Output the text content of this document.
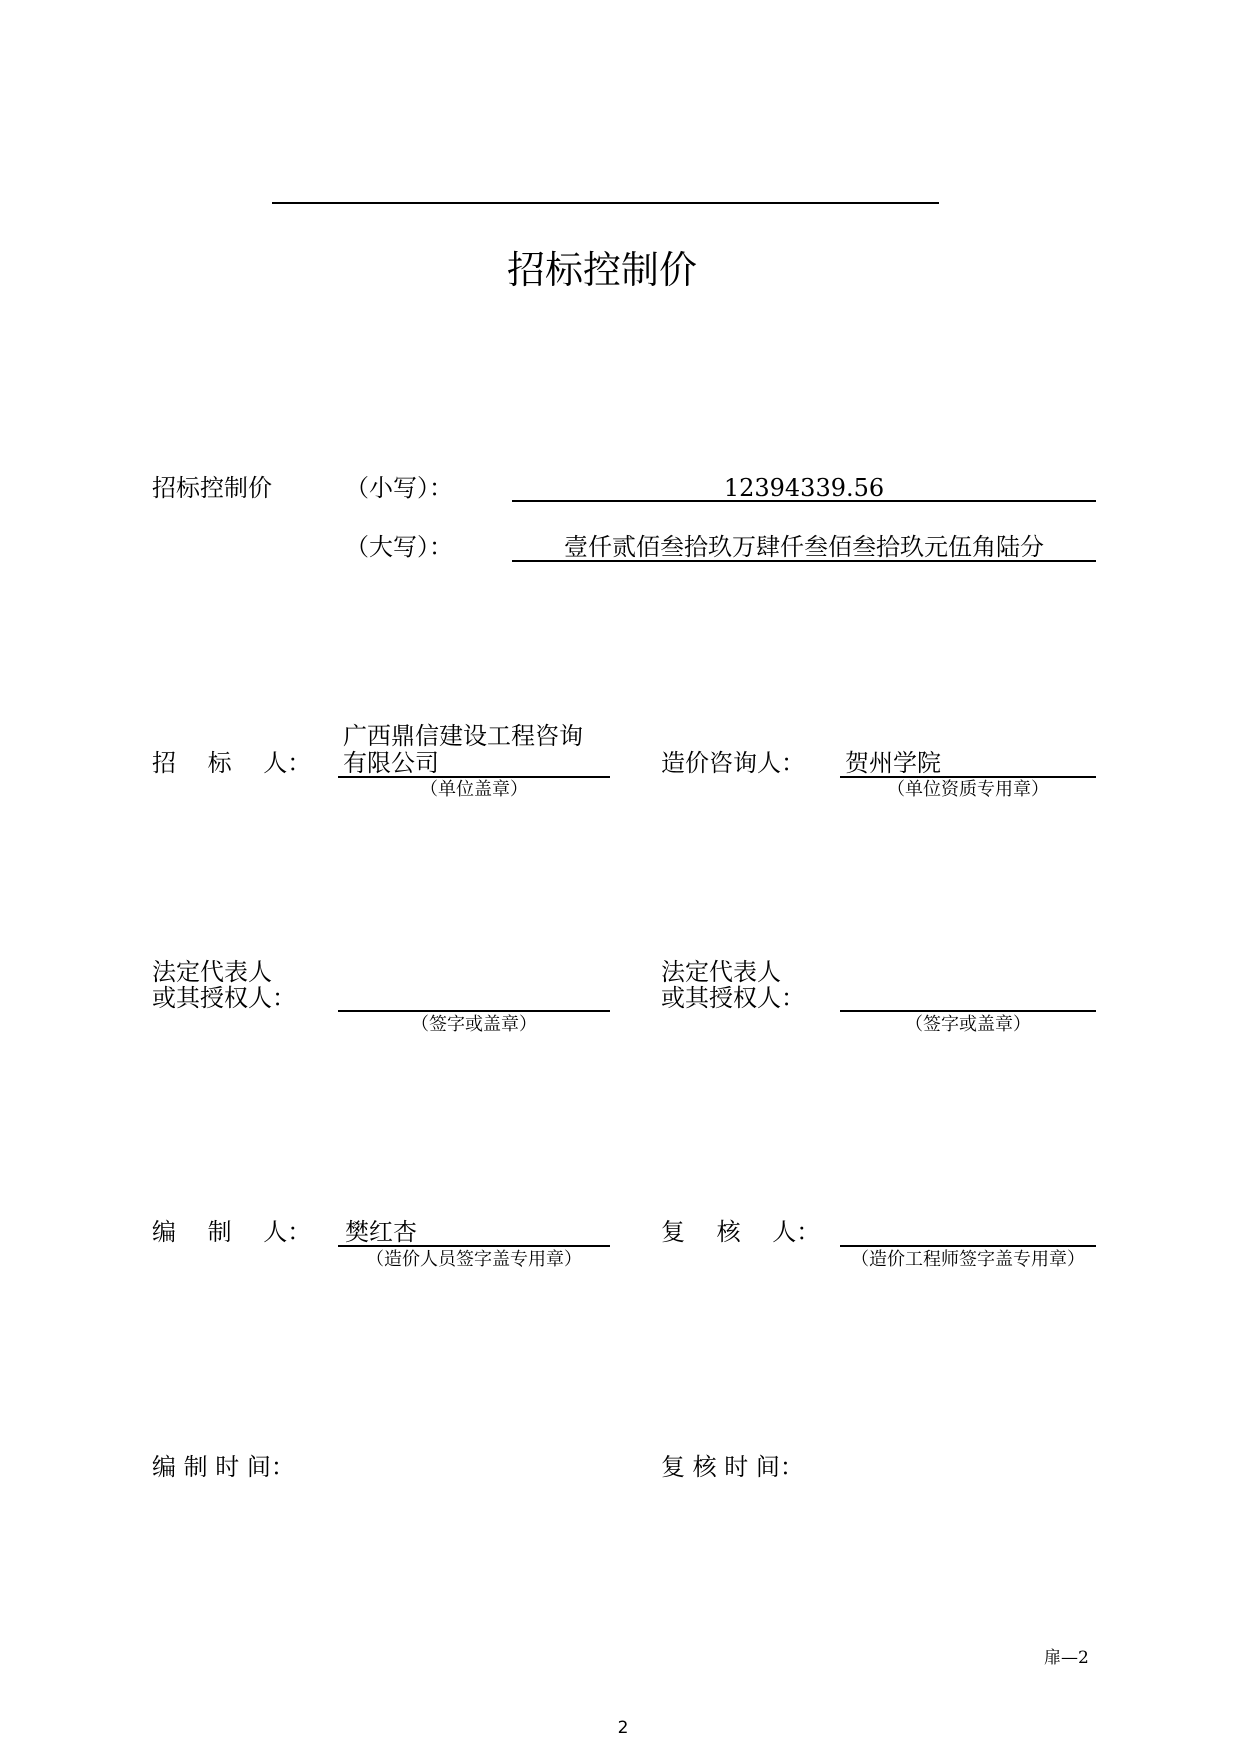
招标控制价
招标控制价	（小写）：	12394339.56
（大写）：	壹仟贰佰叁拾玖万肆仟叁佰叁拾玖元伍角陆分
招　 标　 人：
广西鼎信建设工程咨询
有限公司
（单位盖章）
造价咨询人： 贺州学院
（单位资质专用章）
法定代表人
或其授权人：
（签字或盖章）
法定代表人
或其授权人：
（签字或盖章）
编　 制　 人： 樊红杏
（造价人员签字盖专用章）
复　 核　 人：
（造价工程师签字盖专用章）
编 制 时 间：	复 核 时 间：
扉—2
2
